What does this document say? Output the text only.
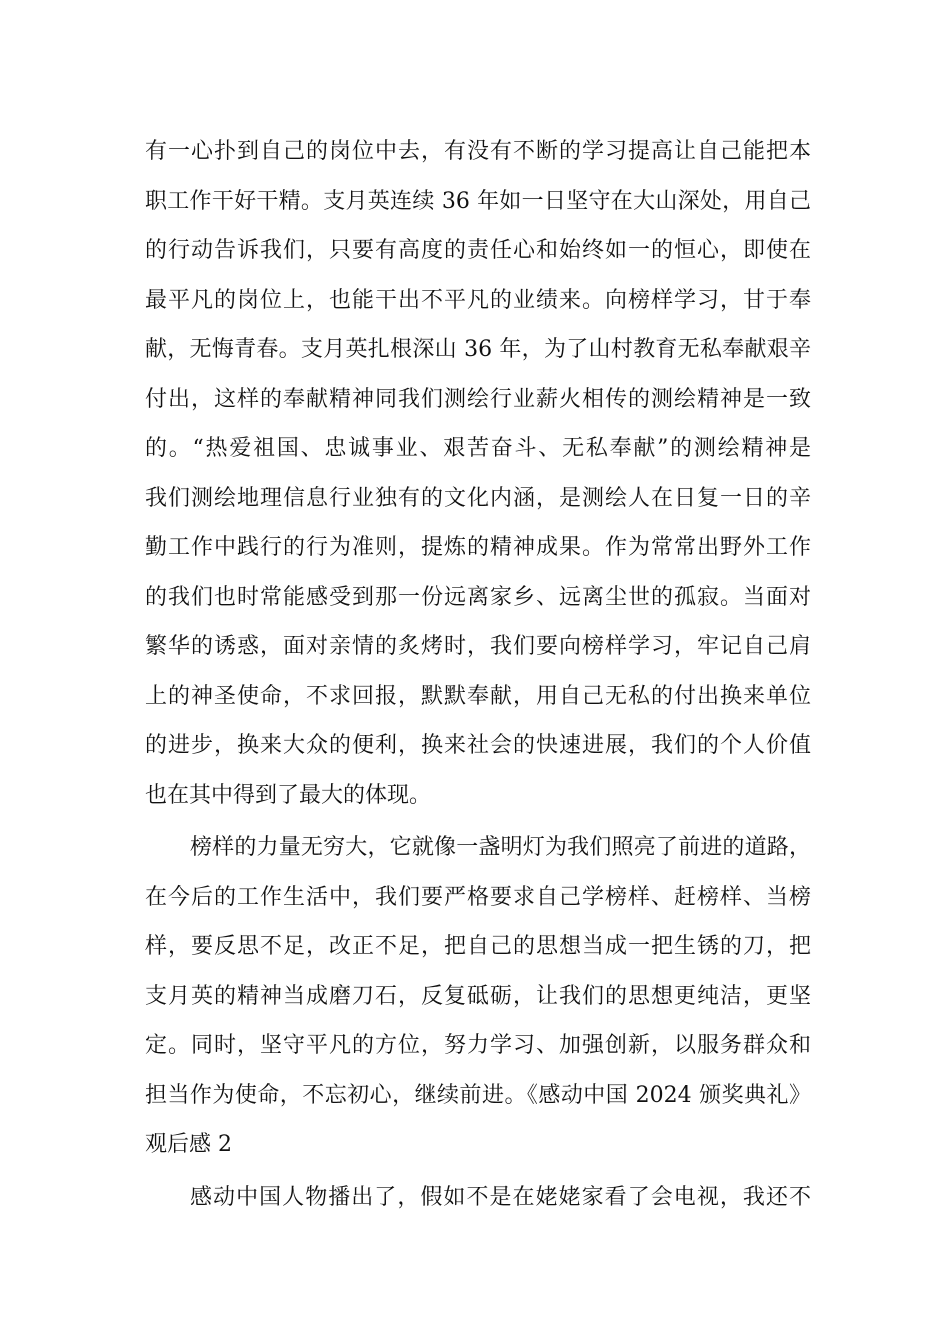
有一心扑到自己的岗位中去，有没有不断的学习提高让自己能把本
职工作干好干精。支月英连续 36 年如一日坚守在大山深处，用自己
的行动告诉我们，只要有高度的责任心和始终如一的恒心，即使在
最平凡的岗位上，也能干出不平凡的业绩来。向榜样学习，甘于奉
献，无悔青春。支月英扎根深山 36 年，为了山村教育无私奉献艰辛
付出，这样的奉献精神同我们测绘行业薪火相传的测绘精神是一致
的。“热爱祖国、忠诚事业、艰苦奋斗、无私奉献”的测绘精神是
我们测绘地理信息行业独有的文化内涵，是测绘人在日复一日的辛
勤工作中践行的行为准则，提炼的精神成果。作为常常出野外工作
的我们也时常能感受到那一份远离家乡、远离尘世的孤寂。当面对
繁华的诱惑，面对亲情的炙烤时，我们要向榜样学习，牢记自己肩
上的神圣使命，不求回报，默默奉献，用自己无私的付出换来单位
的进步，换来大众的便利，换来社会的快速进展，我们的个人价值
也在其中得到了最大的体现。
榜样的力量无穷大，它就像一盏明灯为我们照亮了前进的道路，
在今后的工作生活中，我们要严格要求自己学榜样、赶榜样、当榜
样，要反思不足，改正不足，把自己的思想当成一把生锈的刀，把
支月英的精神当成磨刀石，反复砥砺，让我们的思想更纯洁，更坚
定。同时，坚守平凡的方位，努力学习、加强创新，以服务群众和
担当作为使命，不忘初心，继续前进。《感动中国 2024 颁奖典礼》
观后感 2
感动中国人物播出了，假如不是在姥姥家看了会电视，我还不
